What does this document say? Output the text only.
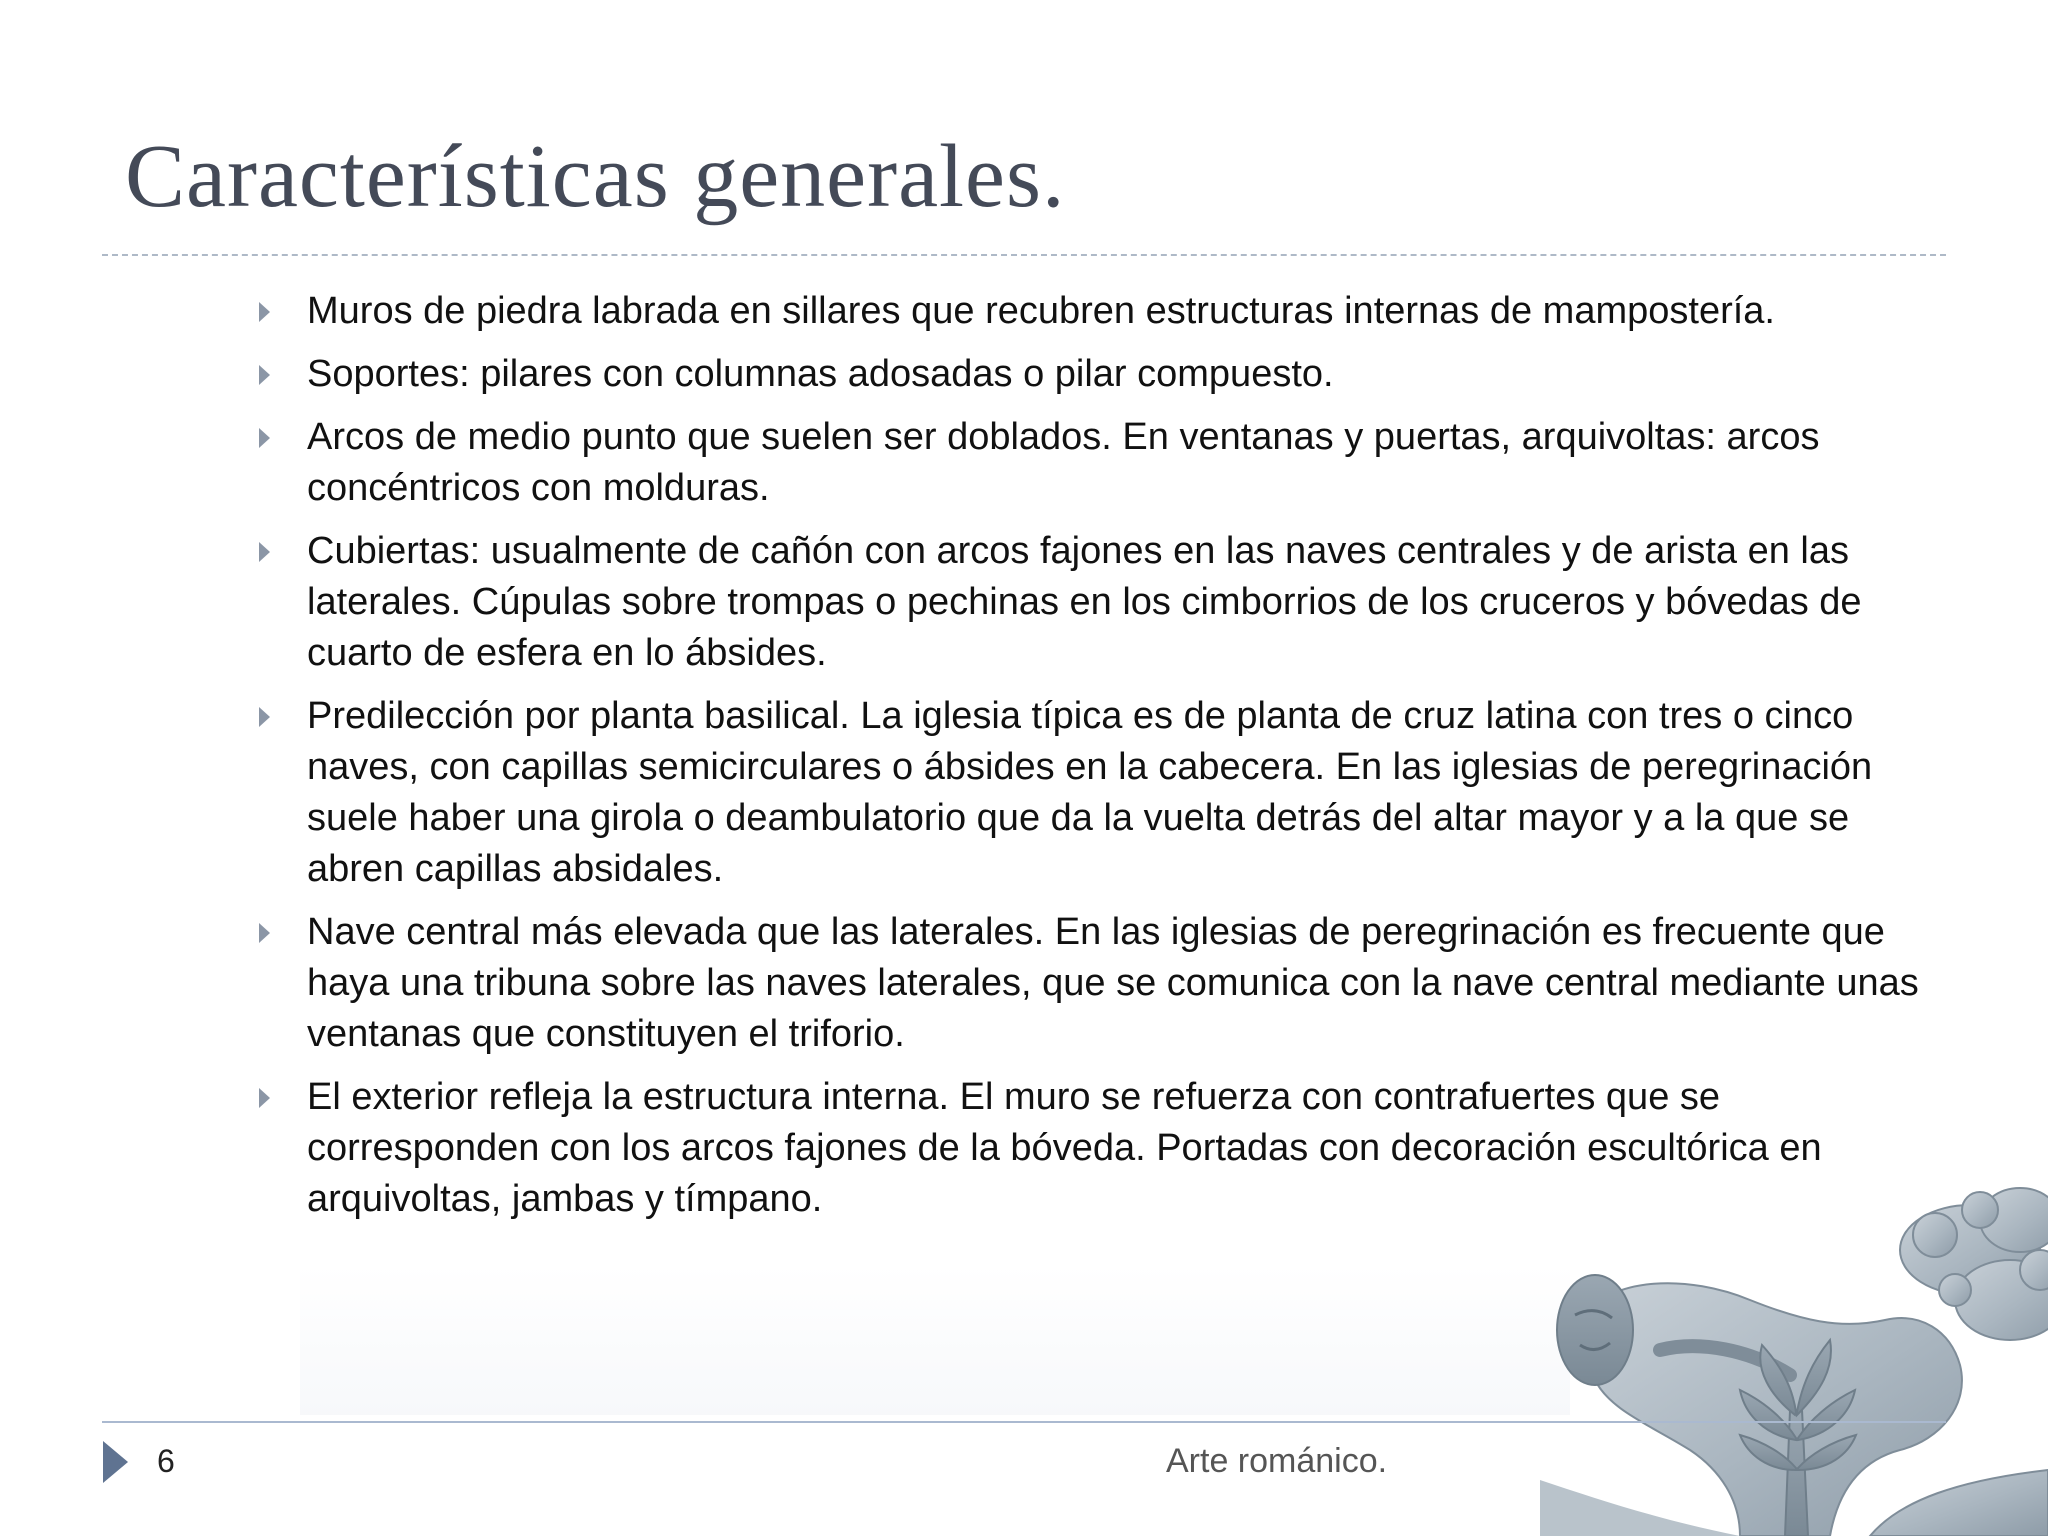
Características generales.
Muros de piedra labrada en sillares que recubren estructuras internas de mampostería.
Soportes: pilares con columnas adosadas o pilar compuesto.
Arcos de medio punto que suelen ser doblados. En ventanas y puertas, arquivoltas: arcos concéntricos con molduras.
Cubiertas: usualmente de cañón con arcos fajones en las naves centrales y de arista en las laterales. Cúpulas sobre trompas o pechinas en los cimborrios de los cruceros y bóvedas de cuarto de esfera en lo ábsides.
Predilección por planta basilical. La iglesia típica es de planta de cruz latina con tres o cinco naves, con capillas semicirculares o ábsides en la cabecera. En las iglesias de peregrinación suele haber una girola o deambulatorio que da la vuelta detrás del altar mayor y a la que se abren capillas absidales.
Nave central más elevada que las laterales. En las iglesias de peregrinación es frecuente que haya una tribuna sobre las naves laterales, que se comunica con la nave central mediante unas ventanas que constituyen el triforio.
El exterior refleja la estructura interna. El muro se refuerza con contrafuertes que se corresponden con los arcos fajones de la bóveda. Portadas con decoración escultórica en arquivoltas, jambas y tímpano.
6	Arte románico.
